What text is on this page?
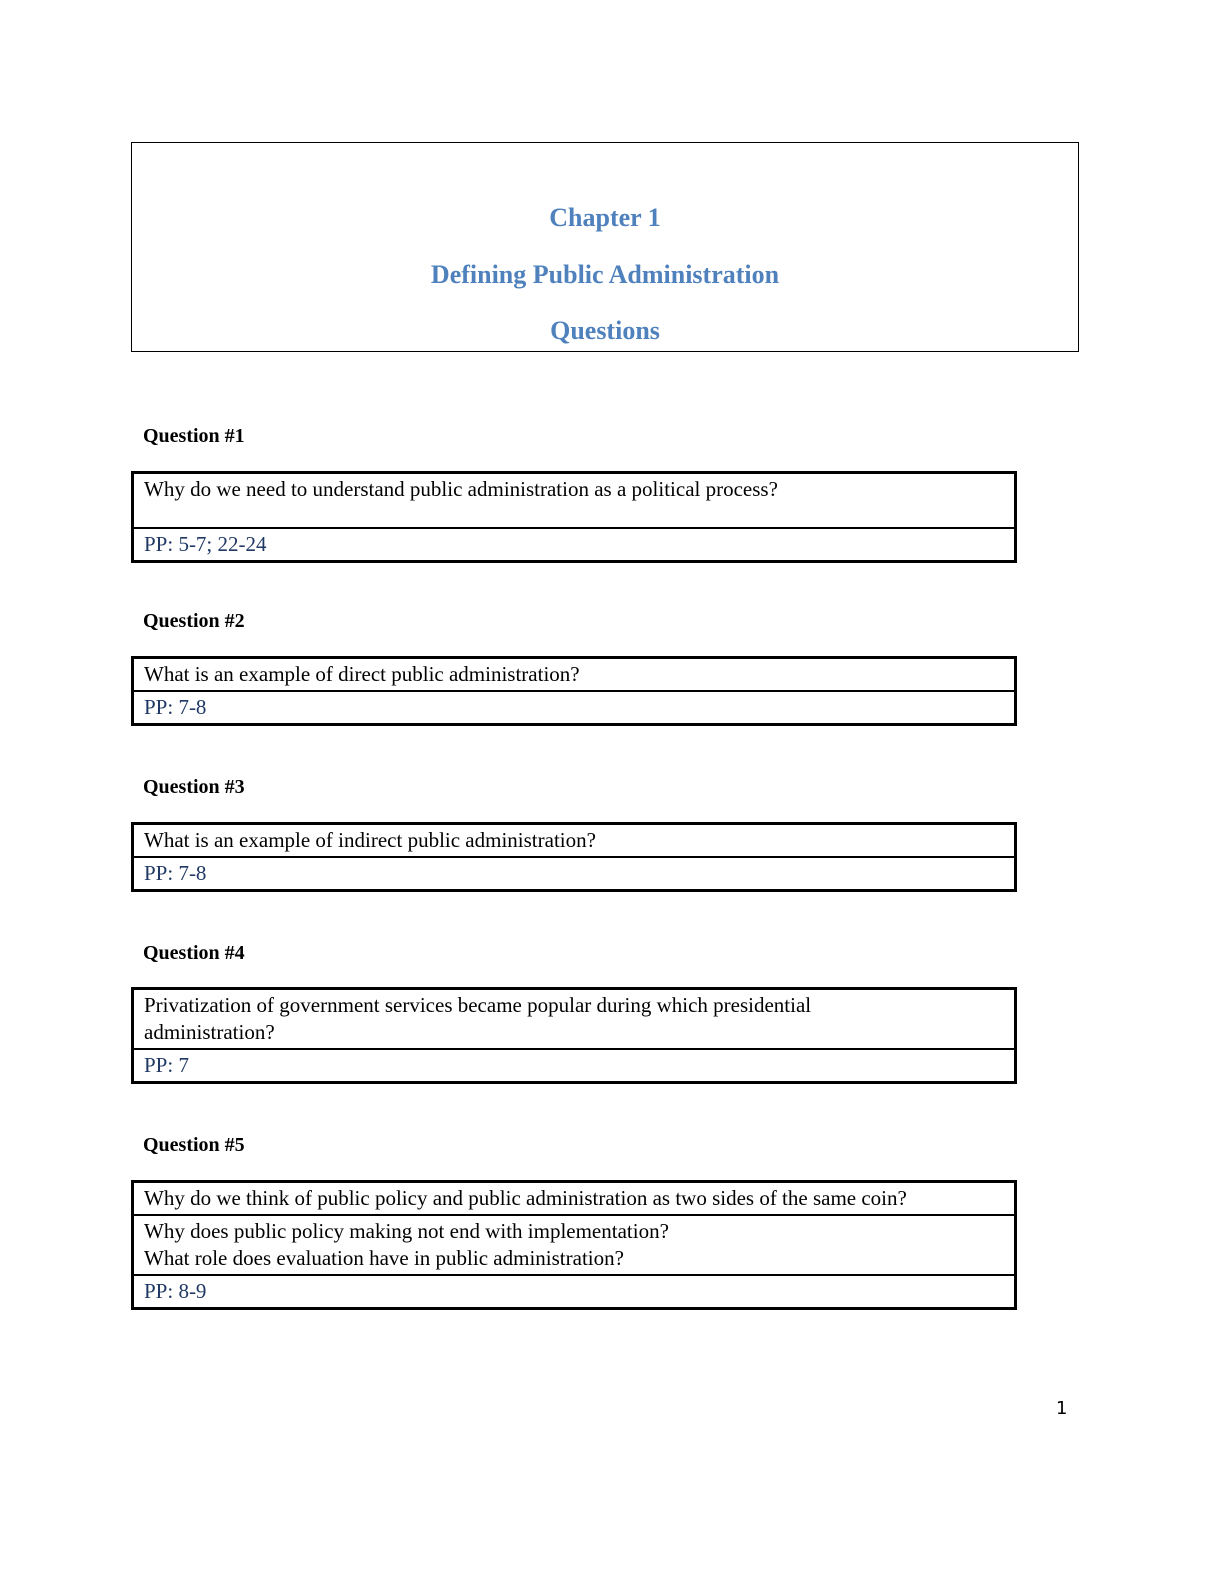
Chapter 1
Defining Public Administration
Questions
Question #1
Why do we need to understand public administration as a political process?
PP: 5-7; 22-24
Question #2
What is an example of direct public administration?
PP: 7-8
Question #3
What is an example of indirect public administration?
PP: 7-8
Question #4
Privatization of government services became popular during which presidential administration?
PP: 7
Question #5
Why do we think of public policy and public administration as two sides of the same coin?
Why does public policy making not end with implementation?
What role does evaluation have in public administration?
PP: 8-9
1
